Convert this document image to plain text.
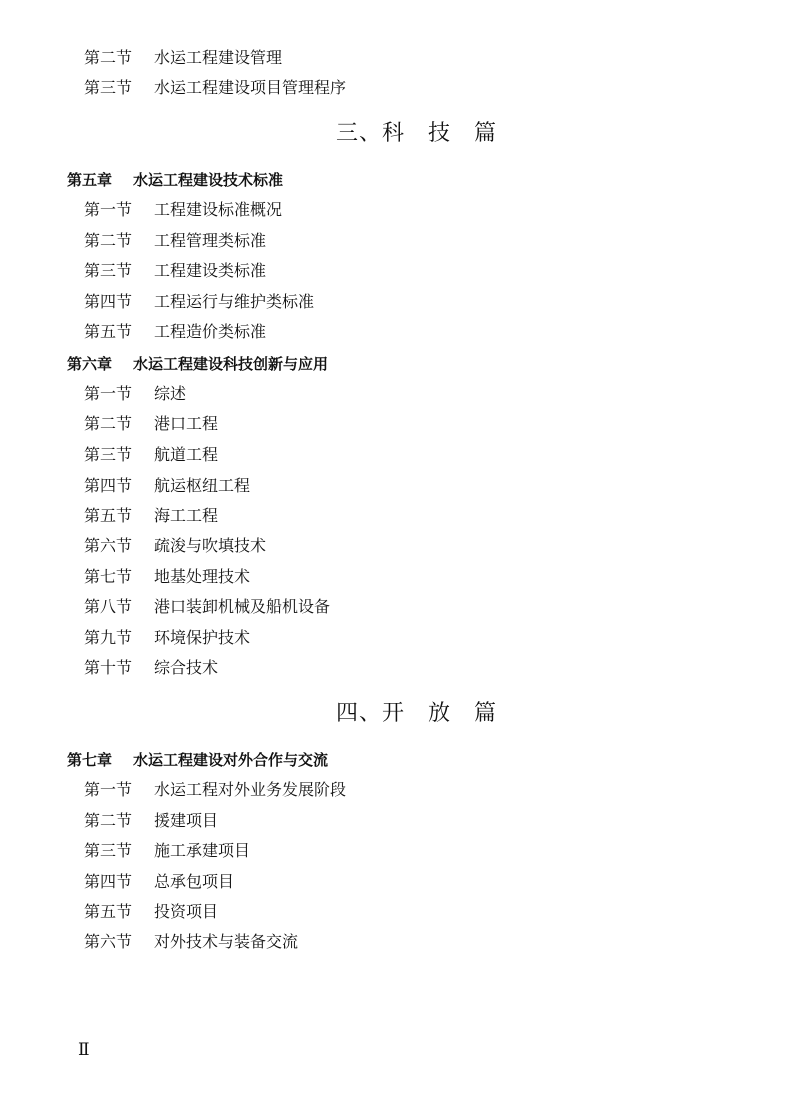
第二节 水运工程建设管理
第三节 水运工程建设项目管理程序
三、科　技　篇
第五章 水运工程建设技术标准
第一节 工程建设标准概况
第二节 工程管理类标准
第三节 工程建设类标准
第四节 工程运行与维护类标准
第五节 工程造价类标准
第六章 水运工程建设科技创新与应用
第一节 综述
第二节 港口工程
第三节 航道工程
第四节 航运枢纽工程
第五节 海工工程
第六节 疏浚与吹填技术
第七节 地基处理技术
第八节 港口装卸机械及船机设备
第九节 环境保护技术
第十节 综合技术
四、开　放　篇
第七章 水运工程建设对外合作与交流
第一节 水运工程对外业务发展阶段
第二节 援建项目
第三节 施工承建项目
第四节 总承包项目
第五节 投资项目
第六节 对外技术与装备交流
Ⅱ
